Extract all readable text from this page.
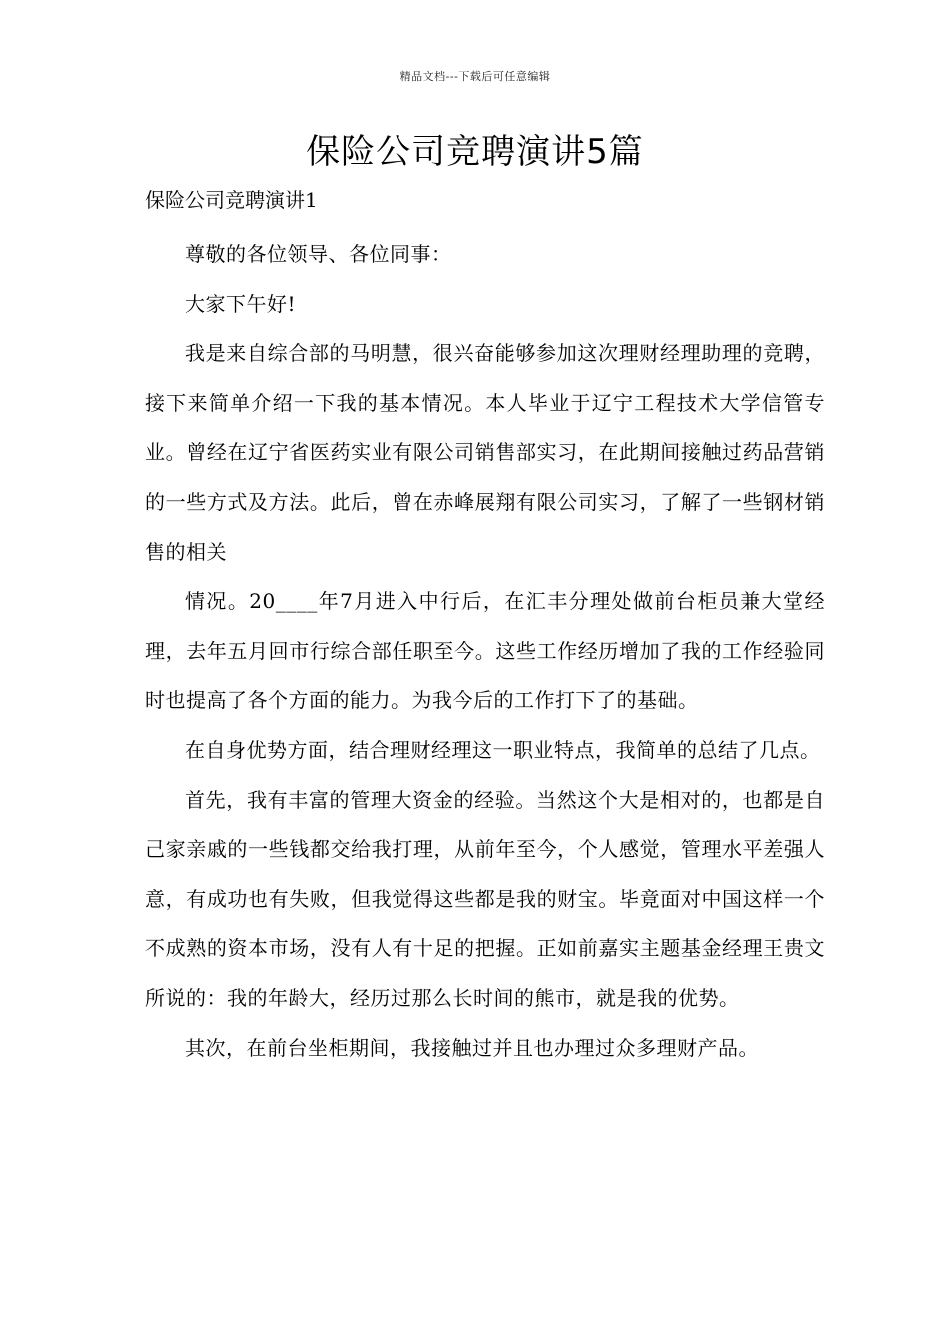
精品文档---下载后可任意编辑
保险公司竞聘演讲5篇
保险公司竞聘演讲1

尊敬的各位领导、各位同事：

大家下午好!

我是来自综合部的马明慧，很兴奋能够参加这次理财经理助理的竞聘，接下来简单介绍一下我的基本情况。本人毕业于辽宁工程技术大学信管专业。曾经在辽宁省医药实业有限公司销售部实习，在此期间接触过药品营销的一些方式及方法。此后，曾在赤峰展翔有限公司实习，了解了一些钢材销售的相关

情况。20____年7月进入中行后，在汇丰分理处做前台柜员兼大堂经理，去年五月回市行综合部任职至今。这些工作经历增加了我的工作经验同时也提高了各个方面的能力。为我今后的工作打下了的基础。

在自身优势方面，结合理财经理这一职业特点，我简单的总结了几点。

首先，我有丰富的管理大资金的经验。当然这个大是相对的，也都是自己家亲戚的一些钱都交给我打理，从前年至今，个人感觉，管理水平差强人意，有成功也有失败，但我觉得这些都是我的财宝。毕竟面对中国这样一个不成熟的资本市场，没有人有十足的把握。正如前嘉实主题基金经理王贵文所说的：我的年龄大，经历过那么长时间的熊市，就是我的优势。

其次，在前台坐柜期间，我接触过并且也办理过众多理财产品。
